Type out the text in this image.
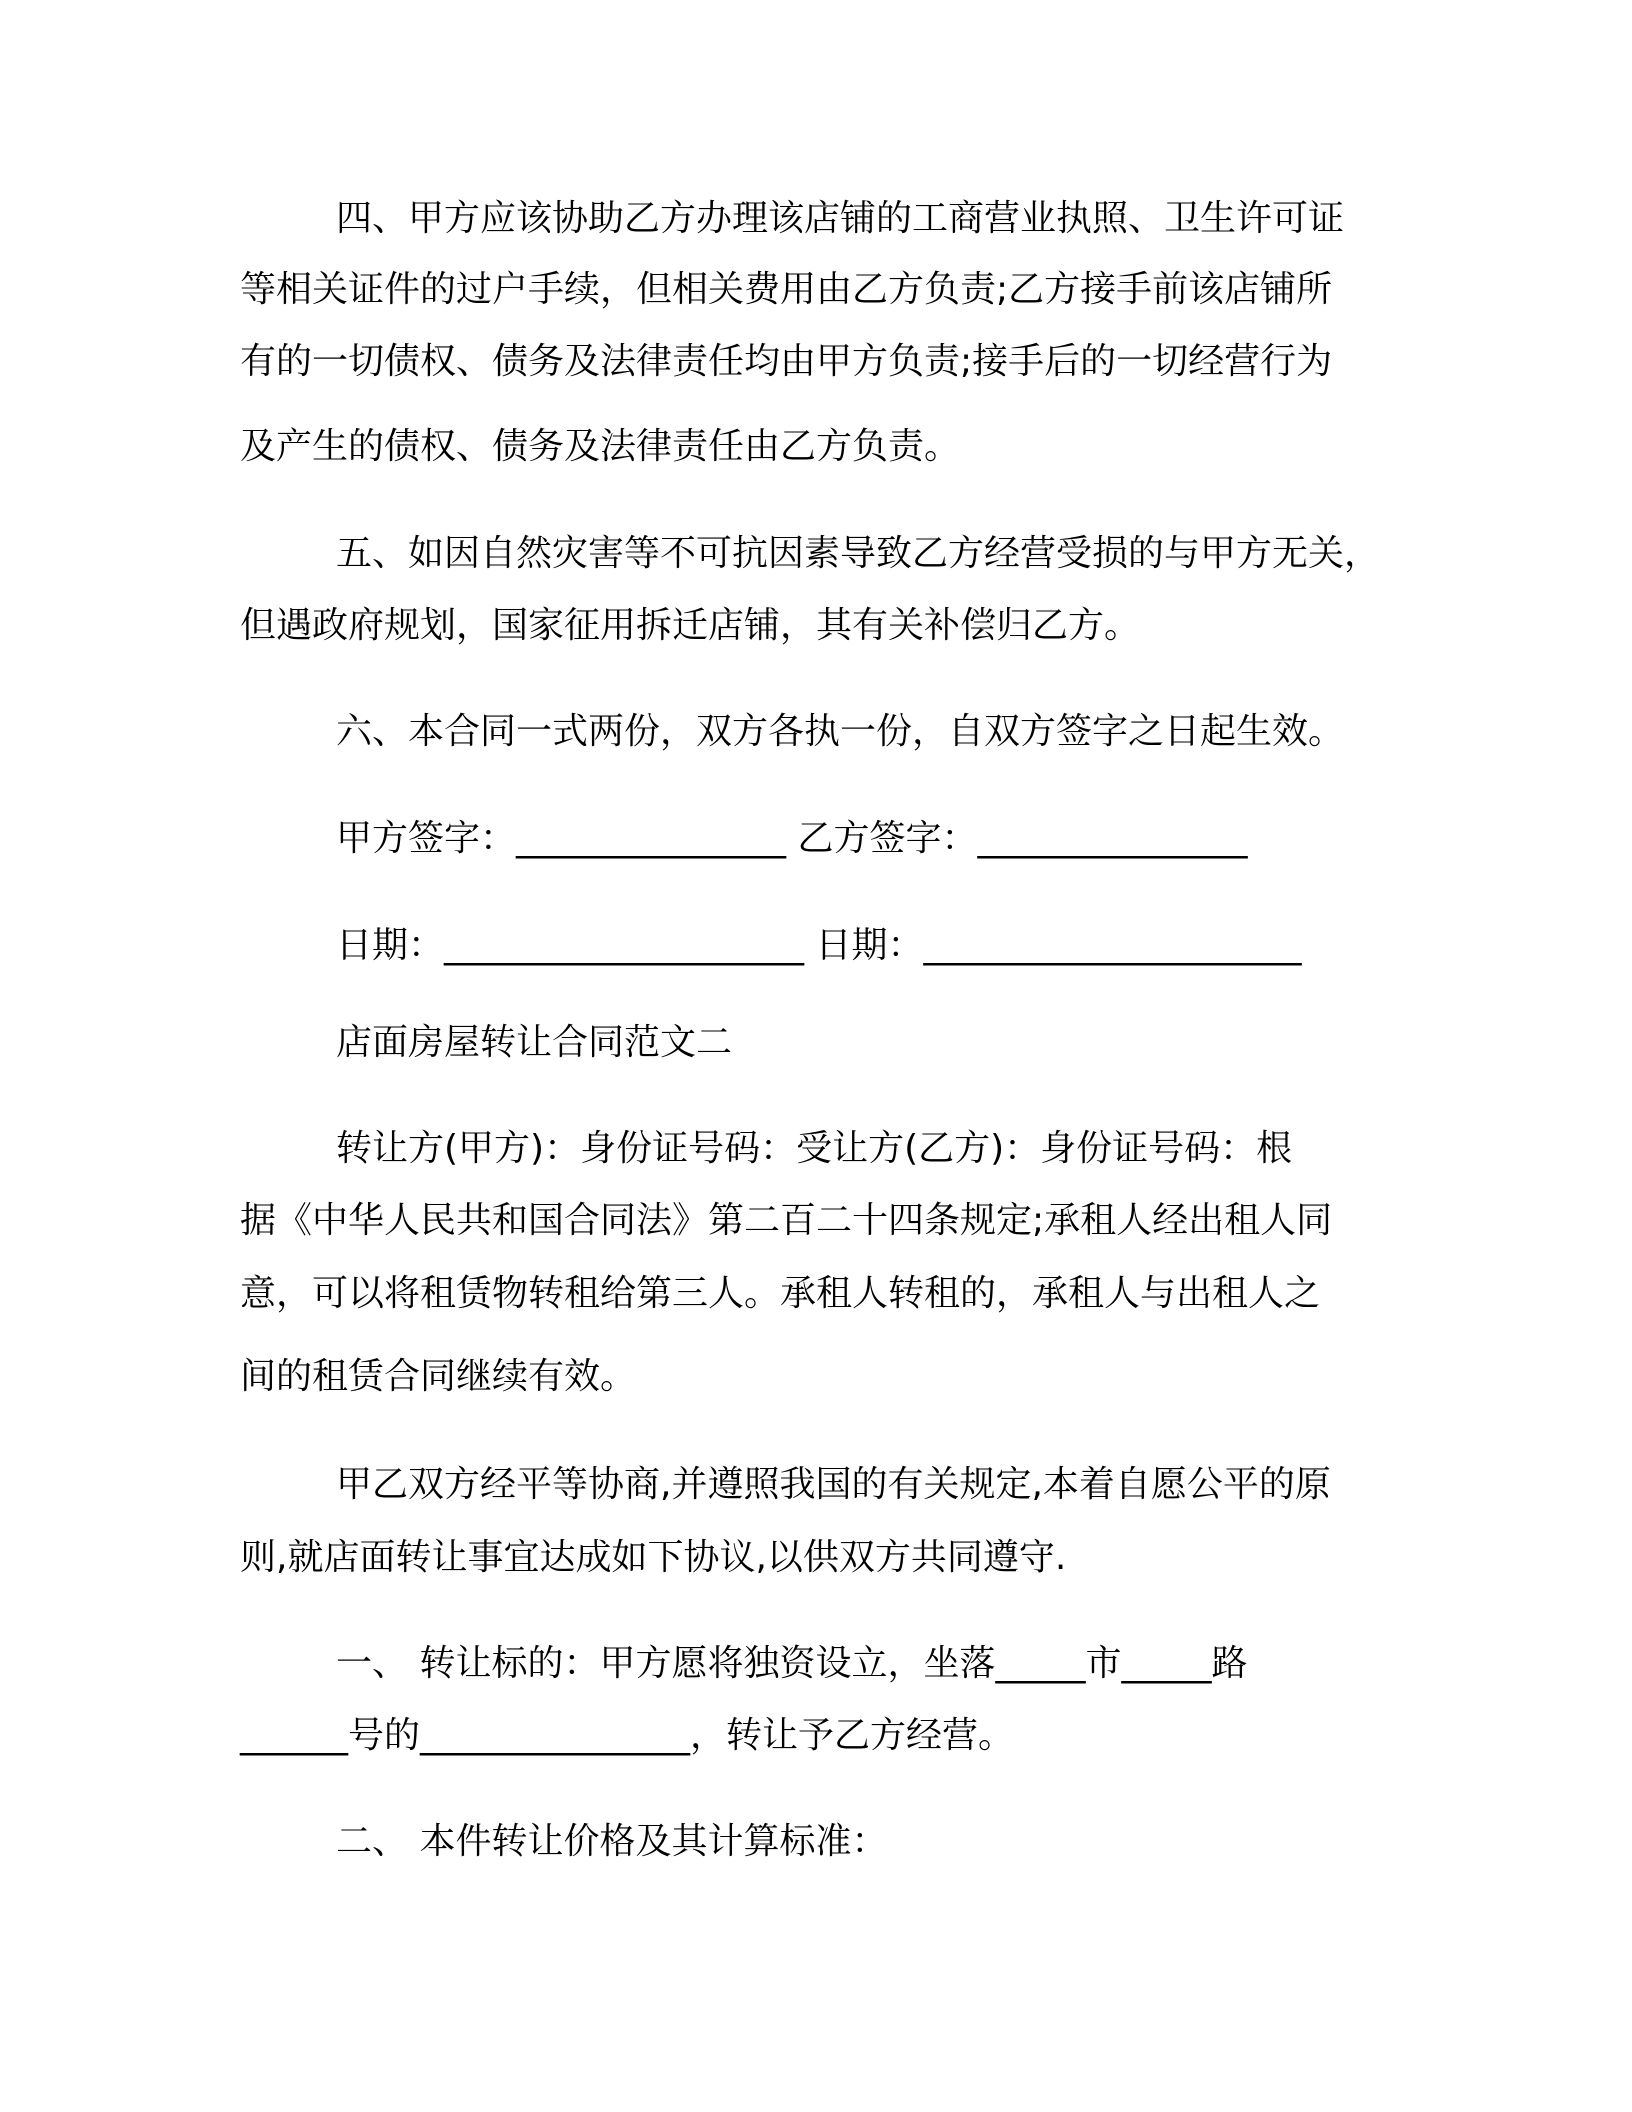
四、甲方应该协助乙方办理该店铺的工商营业执照、卫生许可证
等相关证件的过户手续，但相关费用由乙方负责;乙方接手前该店铺所
有的一切债权、债务及法律责任均由甲方负责;接手后的一切经营行为
及产生的债权、债务及法律责任由乙方负责。
五、如因自然灾害等不可抗因素导致乙方经营受损的与甲方无关，
但遇政府规划，国家征用拆迁店铺，其有关补偿归乙方。
六、本合同一式两份，双方各执一份，自双方签字之日起生效。
甲方签字：_______________ 乙方签字：_______________
日期：____________________ 日期：_____________________
店面房屋转让合同范文二
转让方(甲方)：身份证号码：受让方(乙方)：身份证号码：根
据《中华人民共和国合同法》第二百二十四条规定;承租人经出租人同
意，可以将租赁物转租给第三人。承租人转租的，承租人与出租人之
间的租赁合同继续有效。
甲乙双方经平等协商,并遵照我国的有关规定,本着自愿公平的原
则,就店面转让事宜达成如下协议,以供双方共同遵守.
一、 转让标的：甲方愿将独资设立，坐落_____市_____路
______号的_______________，转让予乙方经营。
二、 本件转让价格及其计算标准：
